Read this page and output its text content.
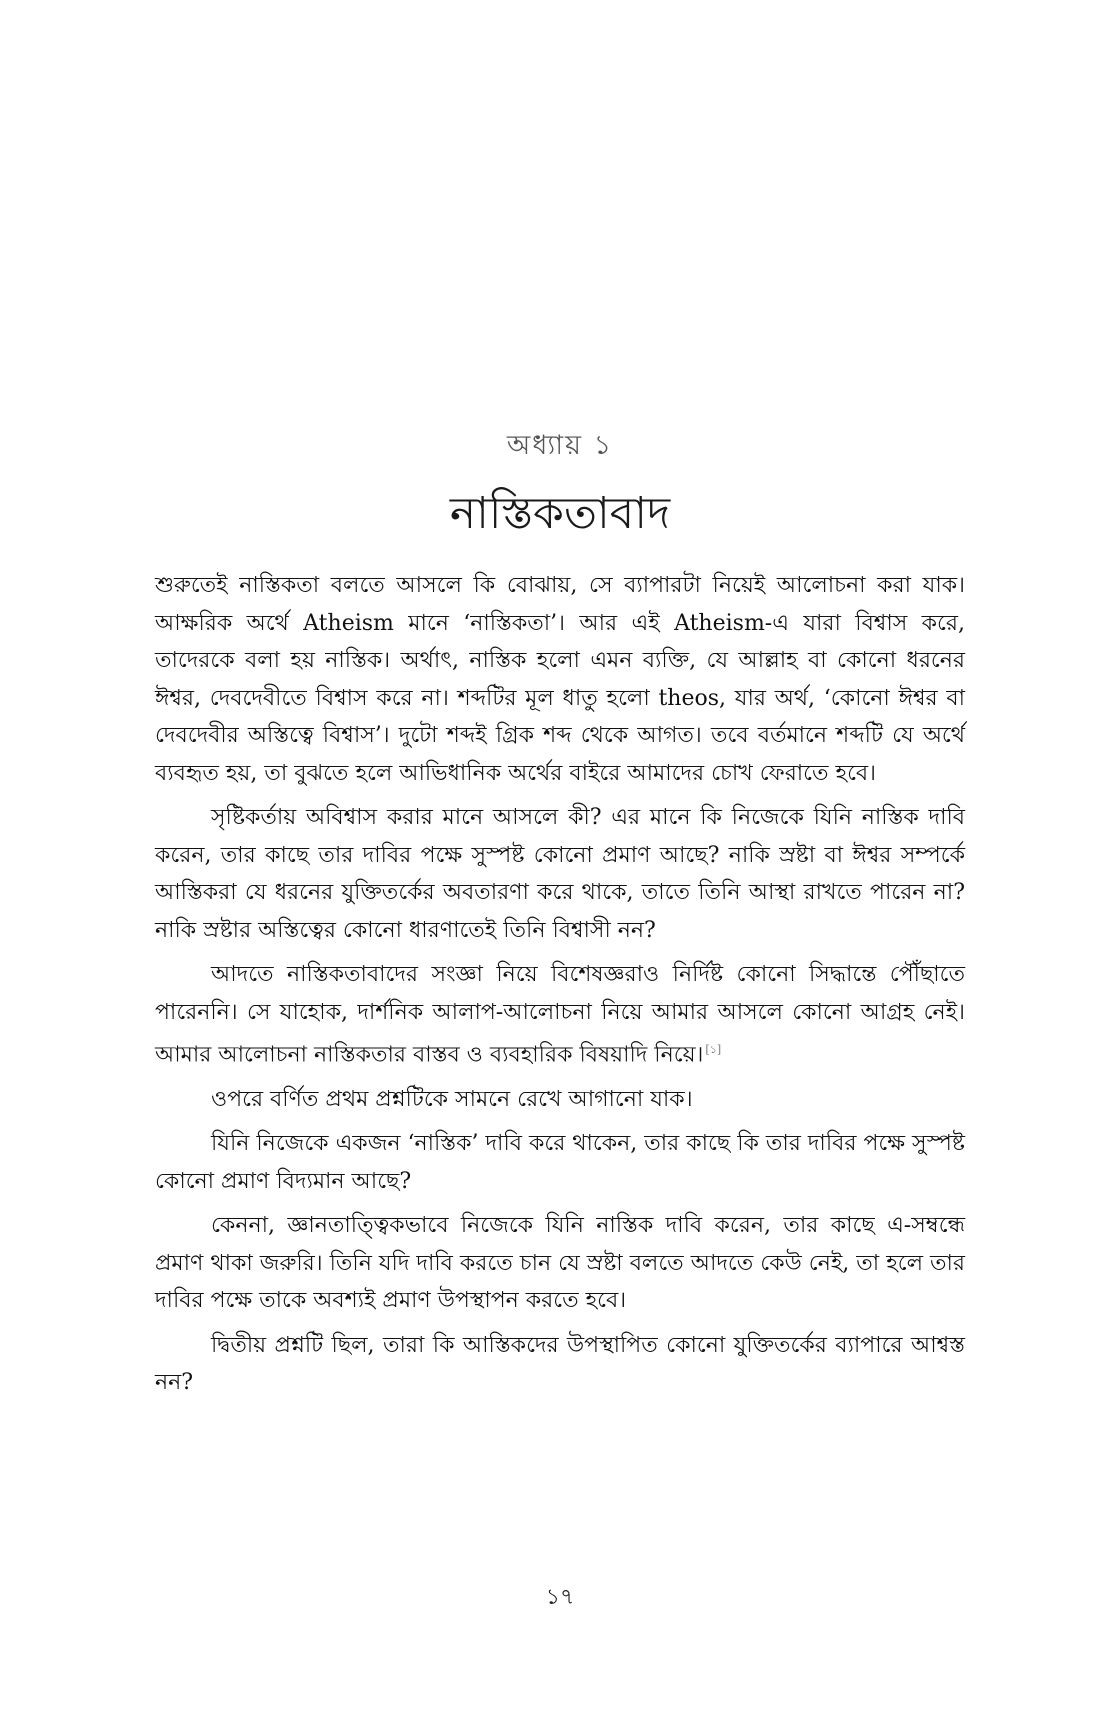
অধ্যায় ১
নাস্তিকতাবাদ

শুরুতেই নাস্তিকতা বলতে আসলে কি বোঝায়, সে ব্যাপারটা নিয়েই আলোচনা করা যাক। আক্ষরিক অর্থে Atheism মানে ‘নাস্তিকতা’। আর এই Atheism-এ যারা বিশ্বাস করে, তাদেরকে বলা হয় নাস্তিক। অর্থাৎ, নাস্তিক হলো এমন ব্যক্তি, যে আল্লাহ বা কোনো ধরনের ঈশ্বর, দেবদেবীতে বিশ্বাস করে না। শব্দটির মূল ধাতু হলো theos, যার অর্থ, ‘কোনো ঈশ্বর বা দেবদেবীর অস্তিত্বে বিশ্বাস’। দুটো শব্দই গ্রিক শব্দ থেকে আগত। তবে বর্তমানে শব্দটি যে অর্থে ব্যবহৃত হয়, তা বুঝতে হলে আভিধানিক অর্থের বাইরে আমাদের চোখ ফেরাতে হবে।

সৃষ্টিকর্তায় অবিশ্বাস করার মানে আসলে কী? এর মানে কি নিজেকে যিনি নাস্তিক দাবি করেন, তার কাছে তার দাবির পক্ষে সুস্পষ্ট কোনো প্রমাণ আছে? নাকি স্রষ্টা বা ঈশ্বর সম্পর্কে আস্তিকরা যে ধরনের যুক্তিতর্কের অবতারণা করে থাকে, তাতে তিনি আস্থা রাখতে পারেন না? নাকি স্রষ্টার অস্তিত্বের কোনো ধারণাতেই তিনি বিশ্বাসী নন?

আদতে নাস্তিকতাবাদের সংজ্ঞা নিয়ে বিশেষজ্ঞরাও নির্দিষ্ট কোনো সিদ্ধান্তে পৌঁছাতে পারেননি। সে যাহোক, দার্শনিক আলাপ-আলোচনা নিয়ে আমার আসলে কোনো আগ্রহ নেই। আমার আলোচনা নাস্তিকতার বাস্তব ও ব্যবহারিক বিষয়াদি নিয়ে। [১]

ওপরে বর্ণিত প্রথম প্রশ্নটিকে সামনে রেখে আগানো যাক।

যিনি নিজেকে একজন ‘নাস্তিক’ দাবি করে থাকেন, তার কাছে কি তার দাবির পক্ষে সুস্পষ্ট কোনো প্রমাণ বিদ্যমান আছে?

কেননা, জ্ঞানতাত্ত্বিকভাবে নিজেকে যিনি নাস্তিক দাবি করেন, তার কাছে এ-সম্বন্ধে প্রমাণ থাকা জরুরি। তিনি যদি দাবি করতে চান যে স্রষ্টা বলতে আদতে কেউ নেই, তা হলে তার দাবির পক্ষে তাকে অবশ্যই প্রমাণ উপস্থাপন করতে হবে।

দ্বিতীয় প্রশ্নটি ছিল, তারা কি আস্তিকদের উপস্থাপিত কোনো যুক্তিতর্কের ব্যাপারে আশ্বস্ত নন?

১৭
